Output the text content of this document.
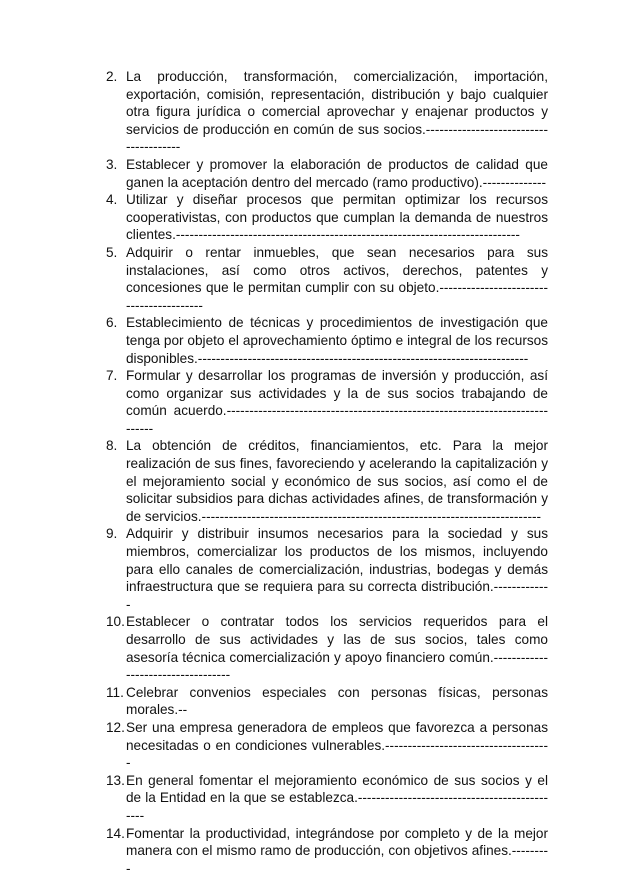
2. La producción, transformación, comercialización, importación, exportación, comisión, representación, distribución y bajo cualquier otra figura jurídica o comercial aprovechar y enajenar productos y servicios de producción en común de sus socios.---------------------------------------
3. Establecer y promover la elaboración de productos de calidad que ganen la aceptación dentro del mercado (ramo productivo).--------------
4. Utilizar y diseñar procesos que permitan optimizar los recursos cooperativistas, con productos que cumplan la demanda de nuestros clientes.----------------------------------------------------------------------------
5. Adquirir o rentar inmuebles, que sean necesarios para sus instalaciones, así como otros activos, derechos, patentes y concesiones que le permitan cumplir con su objeto.-----------------------------------------
6. Establecimiento de técnicas y procedimientos de investigación que tenga por objeto el aprovechamiento óptimo e integral de los recursos disponibles.-------------------------------------------------------------------------
7. Formular y desarrollar los programas de inversión y producción, así como organizar sus actividades y la de sus socios trabajando de común acuerdo.-----------------------------------------------------------------------------
8. La obtención de créditos, financiamientos, etc. Para la mejor realización de sus fines, favoreciendo y acelerando la capitalización y el mejoramiento social y económico de sus socios, así como el de solicitar subsidios para dichas actividades afines, de transformación y de servicios.---------------------------------------------------------------------------
9. Adquirir y distribuir insumos necesarios para la sociedad y sus miembros, comercializar los productos de los mismos, incluyendo para ello canales de comercialización, industrias, bodegas y demás infraestructura que se requiera para su correcta distribución.-------------
10. Establecer o contratar todos los servicios requeridos para el desarrollo de sus actividades y las de sus socios, tales como asesoría técnica comercialización y apoyo financiero común.-----------------------------------
11. Celebrar convenios especiales con personas físicas, personas morales.--
12. Ser una empresa generadora de empleos que favorezca a personas necesitadas o en condiciones vulnerables.-------------------------------------
13. En general fomentar el mejoramiento económico de sus socios y el de la Entidad en la que se establezca.----------------------------------------------
14. Fomentar la productividad, integrándose por completo y de la mejor manera con el mismo ramo de producción, con objetivos afines.---------
